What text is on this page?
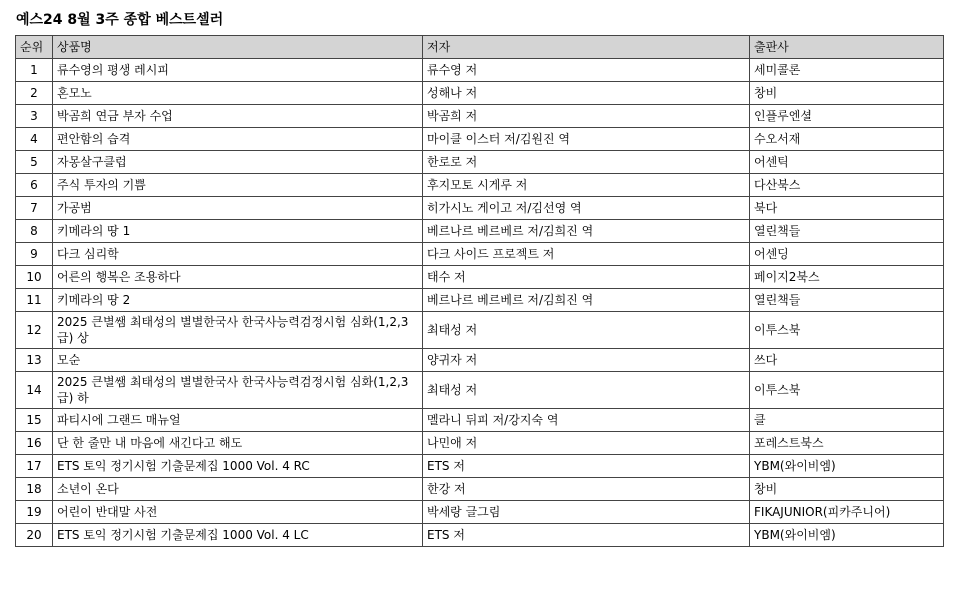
예스24 8월 3주 종합 베스트셀러
순위	상품명	저자	출판사
1	류수영의 평생 레시피	류수영 저	세미콜론
2	혼모노	성해나 저	창비
3	박곰희 연금 부자 수업	박곰희 저	인플루엔셜
4	편안함의 습격	마이클 이스터 저/김원진 역	수오서재
5	자몽살구클럽	한로로 저	어센틱
6	주식 투자의 기쁨	후지모토 시게루 저	다산북스
7	가공범	히가시노 게이고 저/김선영 역	북다
8	키메라의 땅 1	베르나르 베르베르 저/김희진 역	열린책들
9	다크 심리학	다크 사이드 프로젝트 저	어센딩
10	어른의 행복은 조용하다	태수 저	페이지2북스
11	키메라의 땅 2	베르나르 베르베르 저/김희진 역	열린책들
12	2025 큰별쌤 최태성의 별별한국사 한국사능력검정시험 심화(1,2,3급) 상	최태성 저	이투스북
13	모순	양귀자 저	쓰다
14	2025 큰별쌤 최태성의 별별한국사 한국사능력검정시험 심화(1,2,3급) 하	최태성 저	이투스북
15	파티시에 그랜드 매뉴얼	멜라니 뒤피 저/강지숙 역	클
16	단 한 줄만 내 마음에 새긴다고 해도	나민애 저	포레스트북스
17	ETS 토익 정기시험 기출문제집 1000 Vol. 4 RC	ETS 저	YBM(와이비엠)
18	소년이 온다	한강 저	창비
19	어린이 반대말 사전	박세랑 글그림	FIKAJUNIOR(피카주니어)
20	ETS 토익 정기시험 기출문제집 1000 Vol. 4 LC	ETS 저	YBM(와이비엠)
